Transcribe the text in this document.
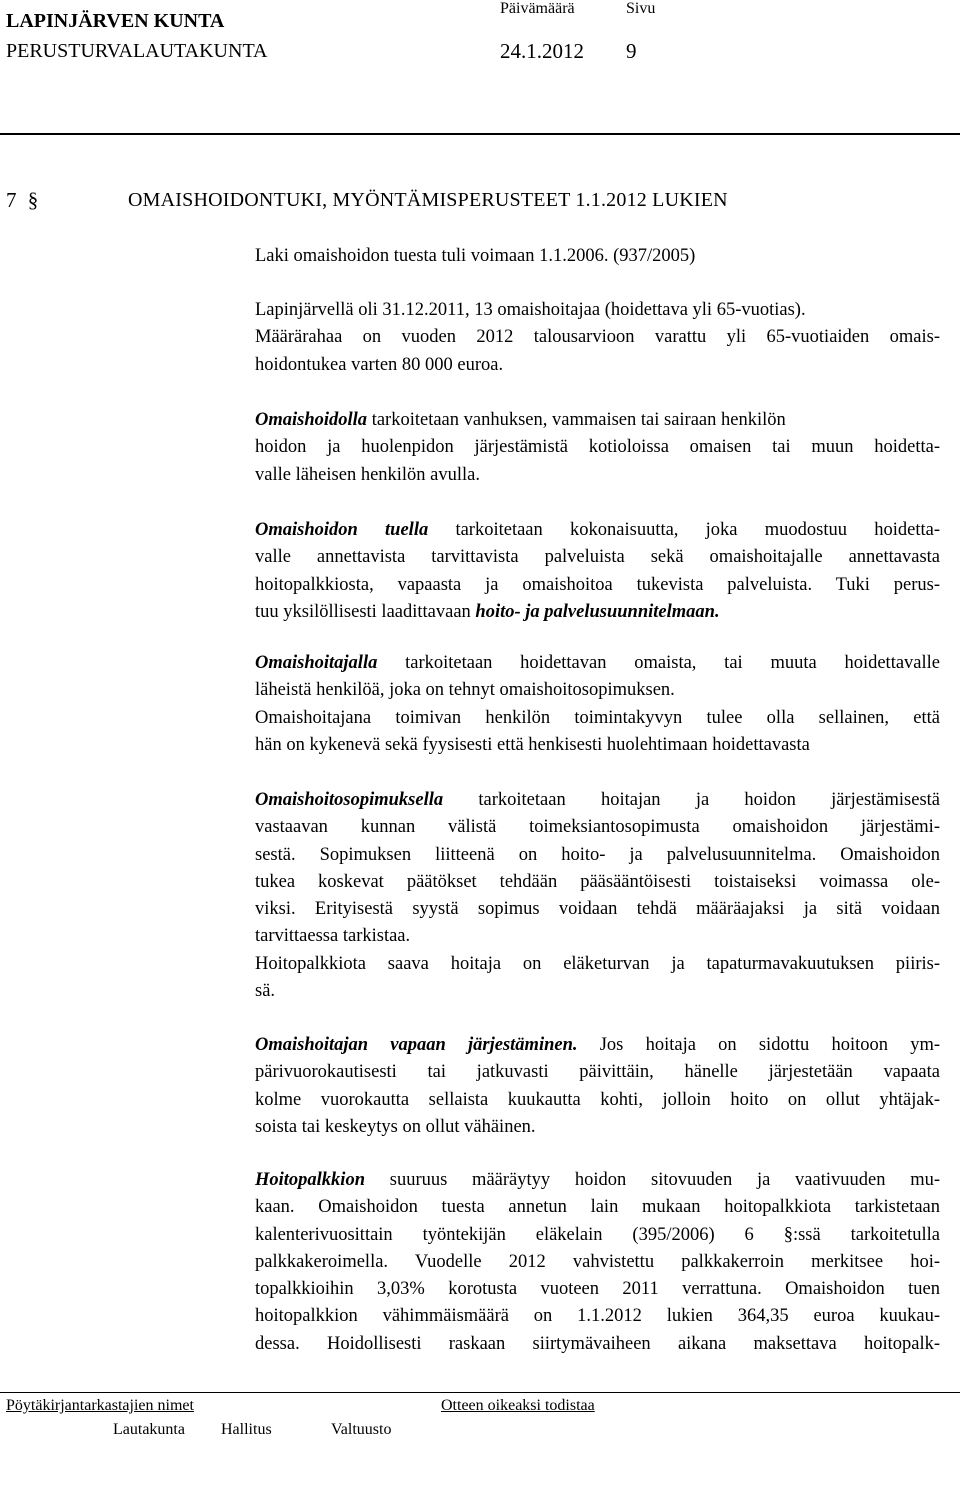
LAPINJÄRVEN KUNTA
PERUSTURVALAUTAKUNTA
Päivämäärä	Sivu
24.1.2012 9
7 §	OMAISHOIDONTUKI, MYÖNTÄMISPERUSTEET 1.1.2012 LUKIEN
Laki omaishoidon tuesta tuli voimaan 1.1.2006. (937/2005)
Lapinjärvellä oli 31.12.2011, 13 omaishoitajaa (hoidettava yli 65-vuotias).
Määrärahaa on vuoden 2012 talousarvioon varattu yli 65-vuotiaiden omais-
hoidontukea varten 80 000 euroa.
Omaishoidolla tarkoitetaan vanhuksen, vammaisen tai sairaan henkilön
hoidon ja huolenpidon järjestämistä kotioloissa omaisen tai muun hoidetta-
valle läheisen henkilön avulla.
Omaishoidon tuella tarkoitetaan kokonaisuutta, joka muodostuu hoidetta-
valle annettavista tarvittavista palveluista sekä omaishoitajalle annettavasta
hoitopalkkiosta, vapaasta ja omaishoitoa tukevista palveluista. Tuki perus-
tuu yksilöllisesti laadittavaan hoito- ja palvelusuunnitelmaan.
Omaishoitajalla tarkoitetaan hoidettavan omaista, tai muuta hoidettavalle
läheistä henkilöä, joka on tehnyt omaishoitosopimuksen.
Omaishoitajana toimivan henkilön toimintakyvyn tulee olla sellainen, että
hän on kykenevä sekä fyysisesti että henkisesti huolehtimaan hoidettavasta
Omaishoitosopimuksella tarkoitetaan hoitajan ja hoidon järjestämisestä
vastaavan kunnan välistä toimeksiantosopimusta omaishoidon järjestämi-
sestä. Sopimuksen liitteenä on hoito- ja palvelusuunnitelma. Omaishoidon
tukea koskevat päätökset tehdään pääsääntöisesti toistaiseksi voimassa ole-
viksi. Erityisestä syystä sopimus voidaan tehdä määräajaksi ja sitä voidaan
tarvittaessa tarkistaa.
Hoitopalkkiota saava hoitaja on eläketurvan ja tapaturmavakuutuksen piiris-
sä.
Omaishoitajan vapaan järjestäminen. Jos hoitaja on sidottu hoitoon ym-
pärivuorokautisesti tai jatkuvasti päivittäin, hänelle järjestetään vapaata
kolme vuorokautta sellaista kuukautta kohti, jolloin hoito on ollut yhtäjak-
soista tai keskeytys on ollut vähäinen.
Hoitopalkkion suuruus määräytyy hoidon sitovuuden ja vaativuuden mu-
kaan. Omaishoidon tuesta annetun lain mukaan hoitopalkkiota tarkistetaan
kalenterivuosittain työntekijän eläkelain (395/2006) 6 §:ssä tarkoitetulla
palkkakeroimella. Vuodelle 2012 vahvistettu palkkakerroin merkitsee hoi-
topalkkioihin 3,03% korotusta vuoteen 2011 verrattuna. Omaishoidon tuen
hoitopalkkion vähimmäismäärä on 1.1.2012 lukien 364,35 euroa kuukau-
dessa. Hoidollisesti raskaan siirtymävaiheen aikana maksettava hoitopalk-
Pöytäkirjantarkastajien nimet	Otteen oikeaksi todistaa
Lautakunta Hallitus	Valtuusto
